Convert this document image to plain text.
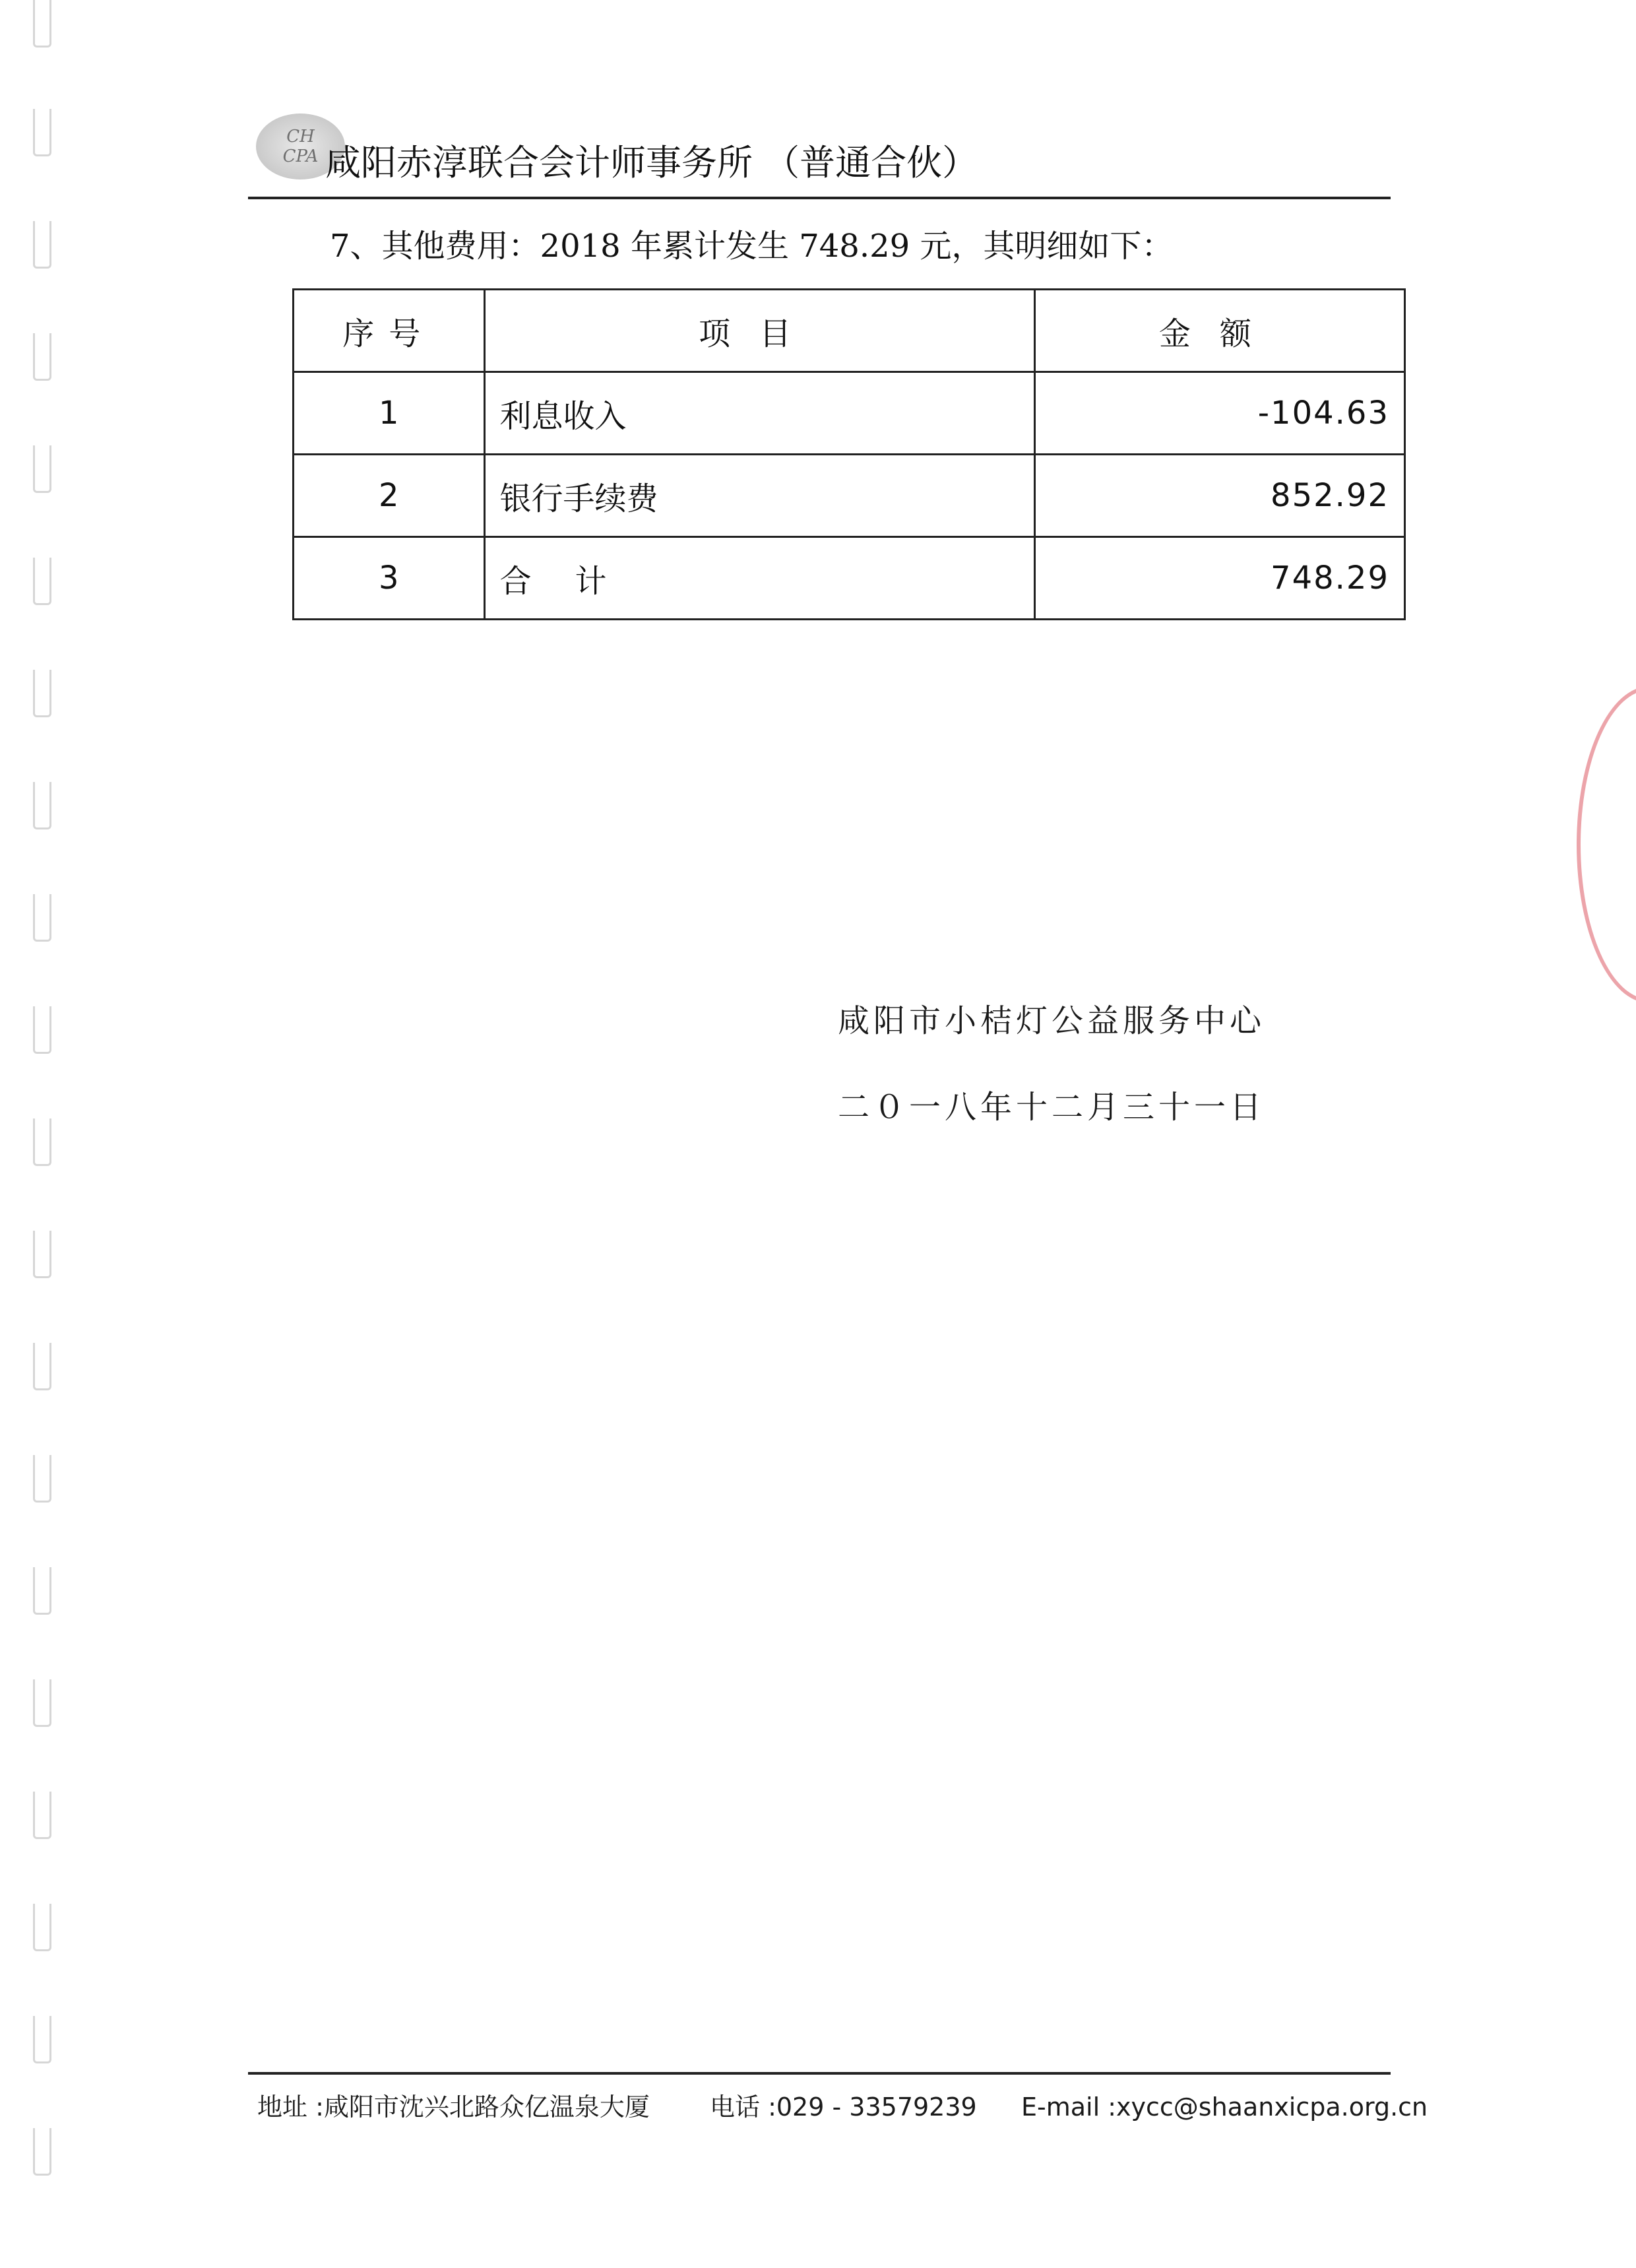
CH
CPA 咸阳赤淳联合会计师事务所 （普通合伙）
7、其他费用：2018 年累计发生 748.29 元，其明细如下：
序号	项目	金额
1	利息收入	-104.63
2	银行手续费	852.92
3	合计	748.29
咸阳市小桔灯公益服务中心
二０一八年十二月三十一日
地址 :咸阳市沈兴北路众亿温泉大厦 电话 :029 - 33579239 E-mail :xycc@shaanxicpa.org.cn
